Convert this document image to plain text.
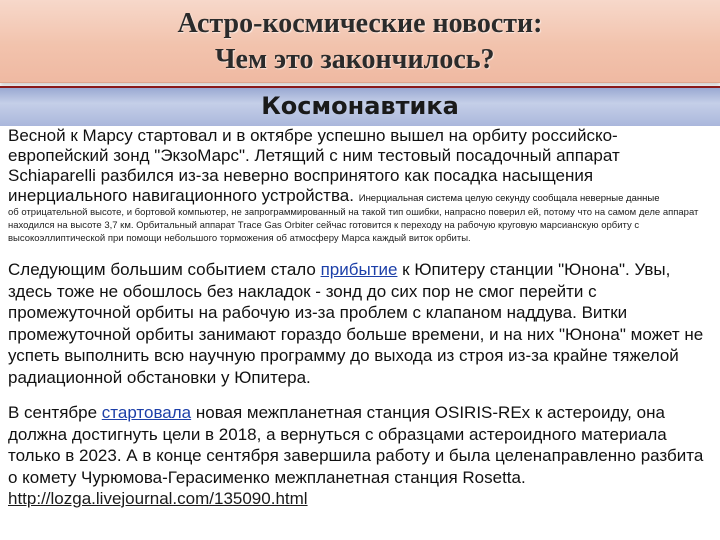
Астро-космические новости:
Чем это закончилось?
Космонавтика

Весной к Марсу стартовал и в октябре успешно вышел на орбиту российско-европейский зонд "ЭкзоМарс". Летящий с ним тестовый посадочный аппарат Schiaparelli разбился из-за неверно воспринятого как посадка насыщения инерциального навигационного устройства. Инерциальная система целую секунду сообщала неверные данные

об отрицательной высоте, и бортовой компьютер, не запрограммированный на такой тип ошибки, напрасно поверил ей, потому что на самом деле аппарат находился на высоте 3,7 км. Орбитальный аппарат Trace Gas Orbiter сейчас готовится к переходу на рабочую круговую марсианскую орбиту с высокоэллиптической при помощи небольшого торможения об атмосферу Марса каждый виток орбиты.

Следующим большим событием стало прибытие к Юпитеру станции "Юнона". Увы, здесь тоже не обошлось без накладок - зонд до сих пор не смог перейти с промежуточной орбиты на рабочую из-за проблем с клапаном наддува. Витки промежуточной орбиты занимают гораздо больше времени, и на них "Юнона" может не успеть выполнить всю научную программу до выхода из строя из-за крайне тяжелой радиационной обстановки у Юпитера.

В сентябре стартовала новая межпланетная станция OSIRIS-REx к астероиду, она должна достигнуть цели в 2018, а вернуться с образцами астероидного материала только в 2023. А в конце сентября завершила работу и была целенаправленно разбита о комету Чурюмова-Герасименко межпланетная станция Rosetta.
http://lozga.livejournal.com/135090.html
